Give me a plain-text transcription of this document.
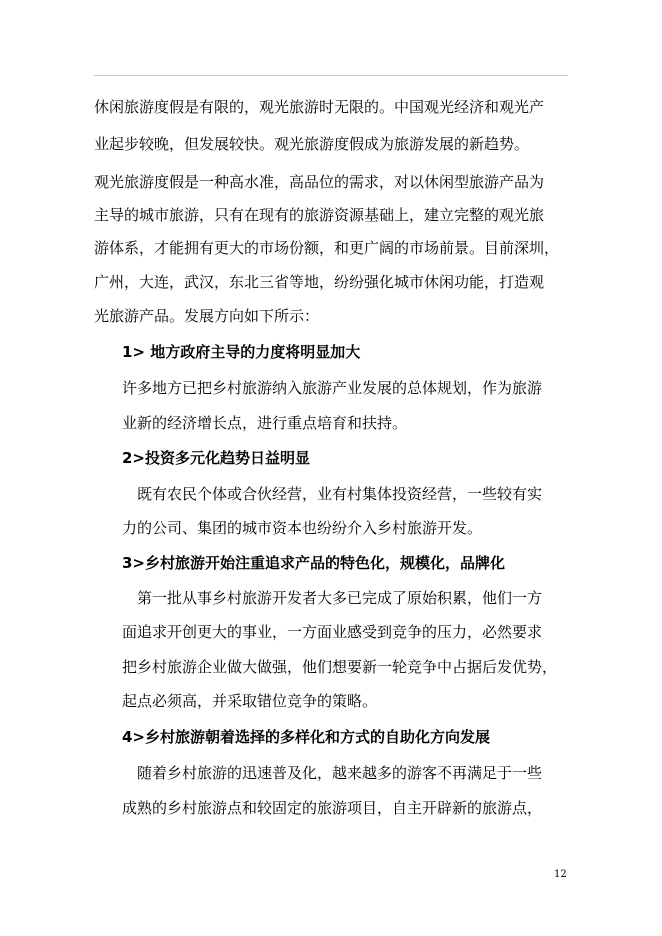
休闲旅游度假是有限的，观光旅游时无限的。中国观光经济和观光产
业起步较晚，但发展较快。观光旅游度假成为旅游发展的新趋势。
观光旅游度假是一种高水准，高品位的需求，对以休闲型旅游产品为
主导的城市旅游，只有在现有的旅游资源基础上，建立完整的观光旅
游体系，才能拥有更大的市场份额，和更广阔的市场前景。目前深圳，
广州，大连，武汉，东北三省等地，纷纷强化城市休闲功能，打造观
光旅游产品。发展方向如下所示：
1> 地方政府主导的力度将明显加大
许多地方已把乡村旅游纳入旅游产业发展的总体规划，作为旅游
业新的经济增长点，进行重点培育和扶持。
2>投资多元化趋势日益明显
既有农民个体或合伙经营，业有村集体投资经营，一些较有实
力的公司、集团的城市资本也纷纷介入乡村旅游开发。
3>乡村旅游开始注重追求产品的特色化，规模化，品牌化
第一批从事乡村旅游开发者大多已完成了原始积累，他们一方
面追求开创更大的事业，一方面业感受到竞争的压力，必然要求
把乡村旅游企业做大做强，他们想要新一轮竞争中占据后发优势，
起点必须高，并采取错位竞争的策略。
4>乡村旅游朝着选择的多样化和方式的自助化方向发展
随着乡村旅游的迅速普及化，越来越多的游客不再满足于一些
成熟的乡村旅游点和较固定的旅游项目，自主开辟新的旅游点，
12
